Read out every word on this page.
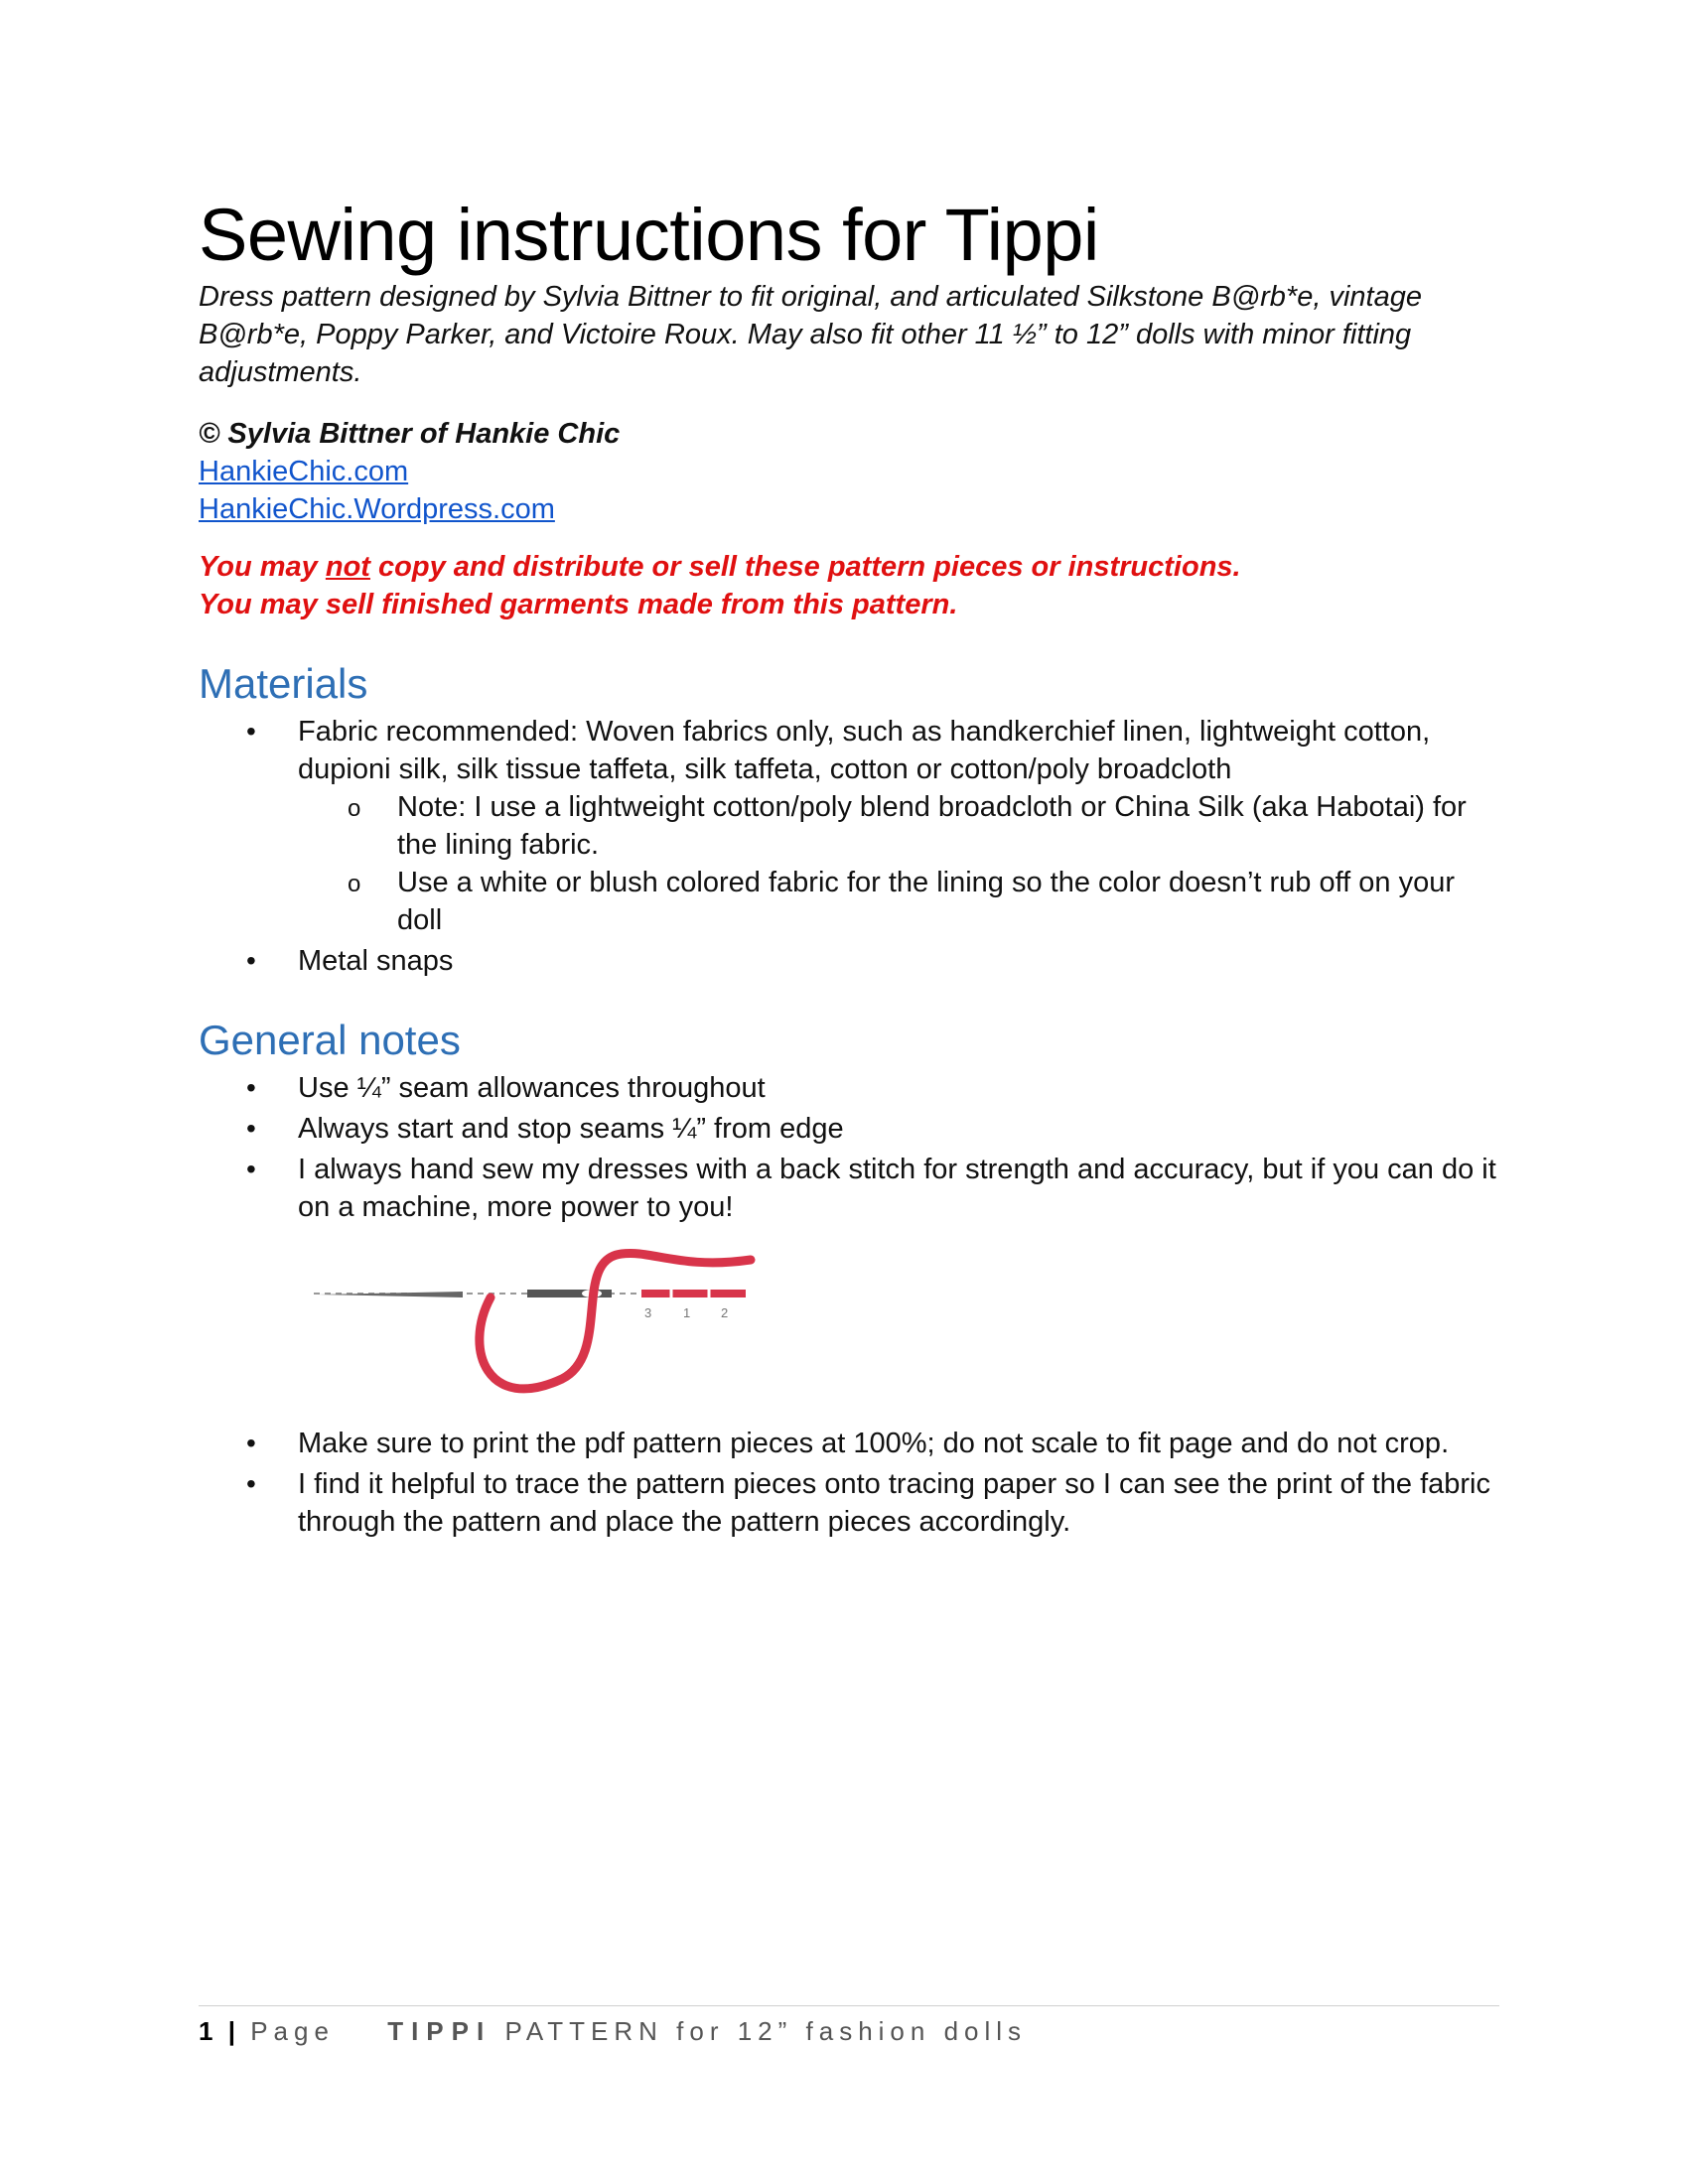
Sewing instructions for Tippi

Dress pattern designed by Sylvia Bittner to fit original, and articulated Silkstone B@rb*e, vintage B@rb*e, Poppy Parker, and Victoire Roux. May also fit other 11 ½” to 12” dolls with minor fitting adjustments.

© Sylvia Bittner of Hankie Chic
HankieChic.com
HankieChic.Wordpress.com
You may not copy and distribute or sell these pattern pieces or instructions.
You may sell finished garments made from this pattern.
Materials
• Fabric recommended: Woven fabrics only, such as handkerchief linen, lightweight cotton, dupioni silk, silk tissue taffeta, silk taffeta, cotton or cotton/poly broadcloth
o Note: I use a lightweight cotton/poly blend broadcloth or China Silk (aka Habotai) for the lining fabric.
o Use a white or blush colored fabric for the lining so the color doesn’t rub off on your doll
• Metal snaps
General notes
• Use ¼” seam allowances throughout
• Always start and stop seams ¼” from edge
• I always hand sew my dresses with a back stitch for strength and accuracy, but if you can do it on a machine, more power to you!
3 1 2
• Make sure to print the pdf pattern pieces at 100%; do not scale to fit page and do not crop.
• I find it helpful to trace the pattern pieces onto tracing paper so I can see the print of the fabric through the pattern and place the pattern pieces accordingly.
1 | Page TIPPI PATTERN for 12” fashion dolls
